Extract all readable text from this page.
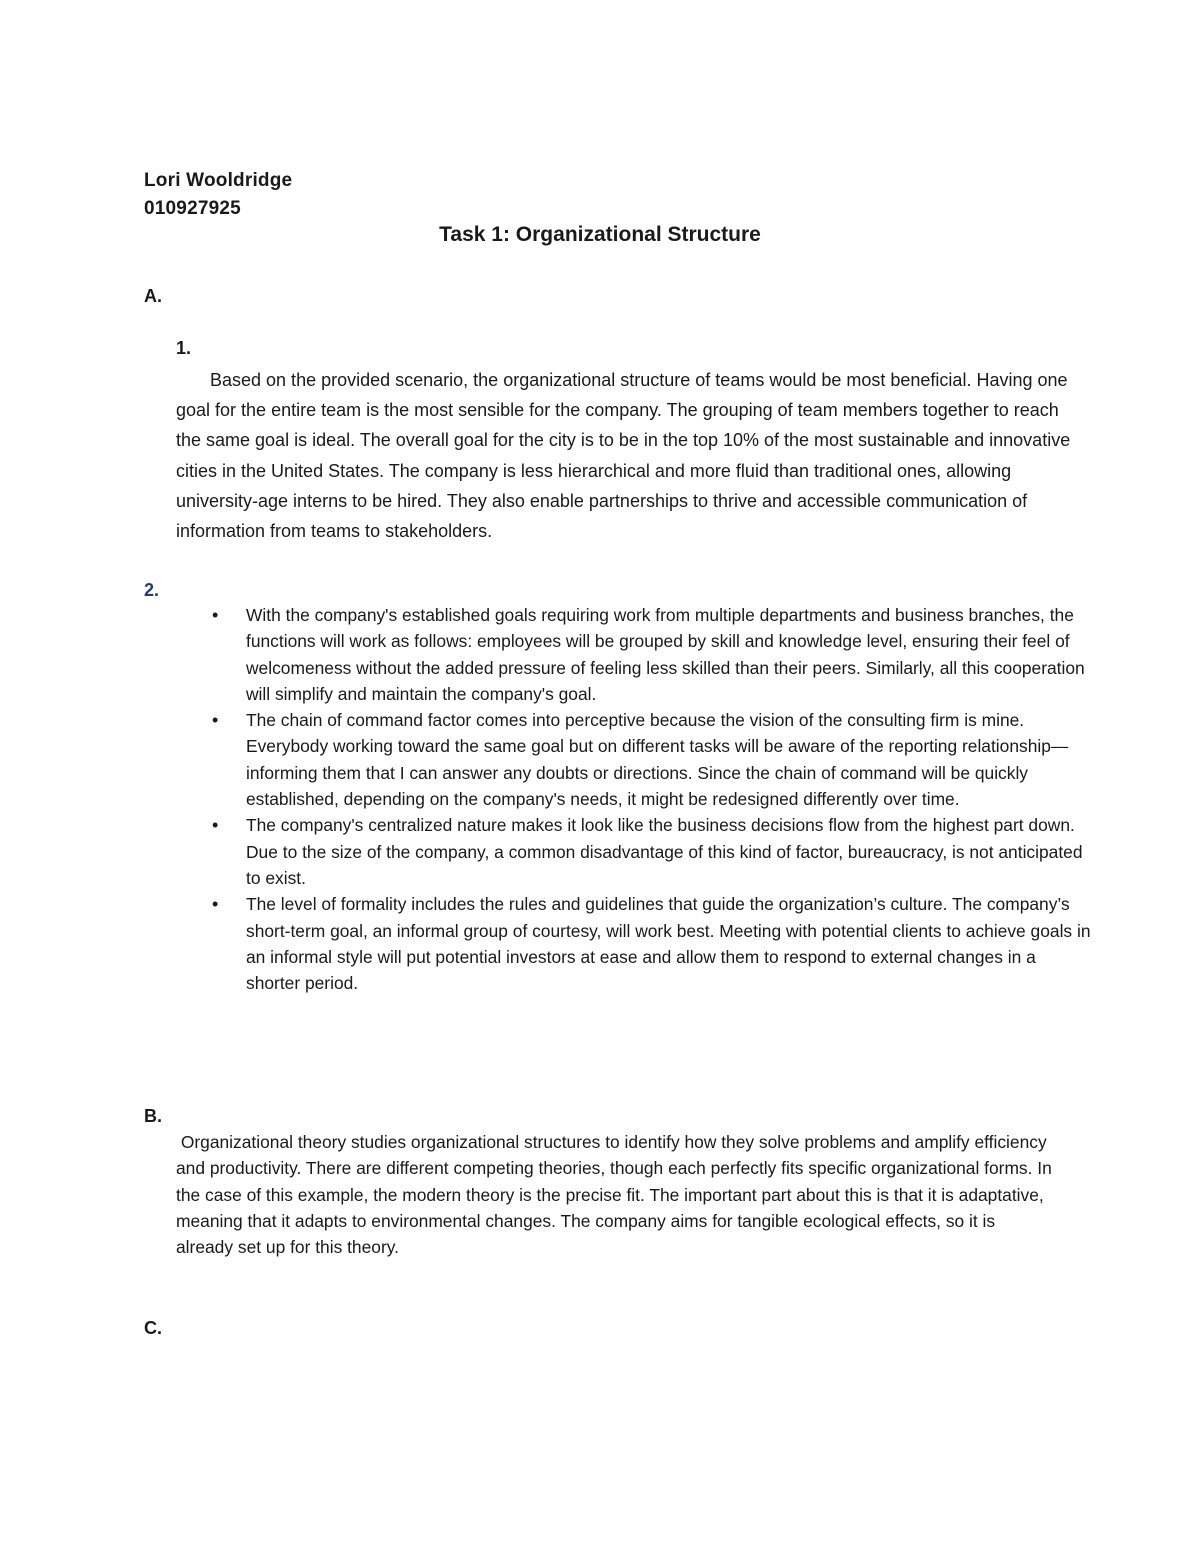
Lori Wooldridge
010927925
Task 1: Organizational Structure
A.
1.

Based on the provided scenario, the organizational structure of teams would be most beneficial. Having one goal for the entire team is the most sensible for the company. The grouping of team members together to reach the same goal is ideal. The overall goal for the city is to be in the top 10% of the most sustainable and innovative cities in the United States. The company is less hierarchical and more fluid than traditional ones, allowing university-age interns to be hired. They also enable partnerships to thrive and accessible communication of information from teams to stakeholders.

2.
• With the company's established goals requiring work from multiple departments and business branches, the functions will work as follows: employees will be grouped by skill and knowledge level, ensuring their feel of welcomeness without the added pressure of feeling less skilled than their peers. Similarly, all this cooperation will simplify and maintain the company's goal.
• The chain of command factor comes into perceptive because the vision of the consulting firm is mine. Everybody working toward the same goal but on different tasks will be aware of the reporting relationship—informing them that I can answer any doubts or directions. Since the chain of command will be quickly established, depending on the company's needs, it might be redesigned differently over time.
• The company's centralized nature makes it look like the business decisions flow from the highest part down. Due to the size of the company, a common disadvantage of this kind of factor, bureaucracy, is not anticipated to exist.
• The level of formality includes the rules and guidelines that guide the organization’s culture. The company’s short-term goal, an informal group of courtesy, will work best. Meeting with potential clients to achieve goals in an informal style will put potential investors at ease and allow them to respond to external changes in a shorter period.
B.

Organizational theory studies organizational structures to identify how they solve problems and amplify efficiency and productivity. There are different competing theories, though each perfectly fits specific organizational forms. In the case of this example, the modern theory is the precise fit. The important part about this is that it is adaptative, meaning that it adapts to environmental changes. The company aims for tangible ecological effects, so it is already set up for this theory.

C.
